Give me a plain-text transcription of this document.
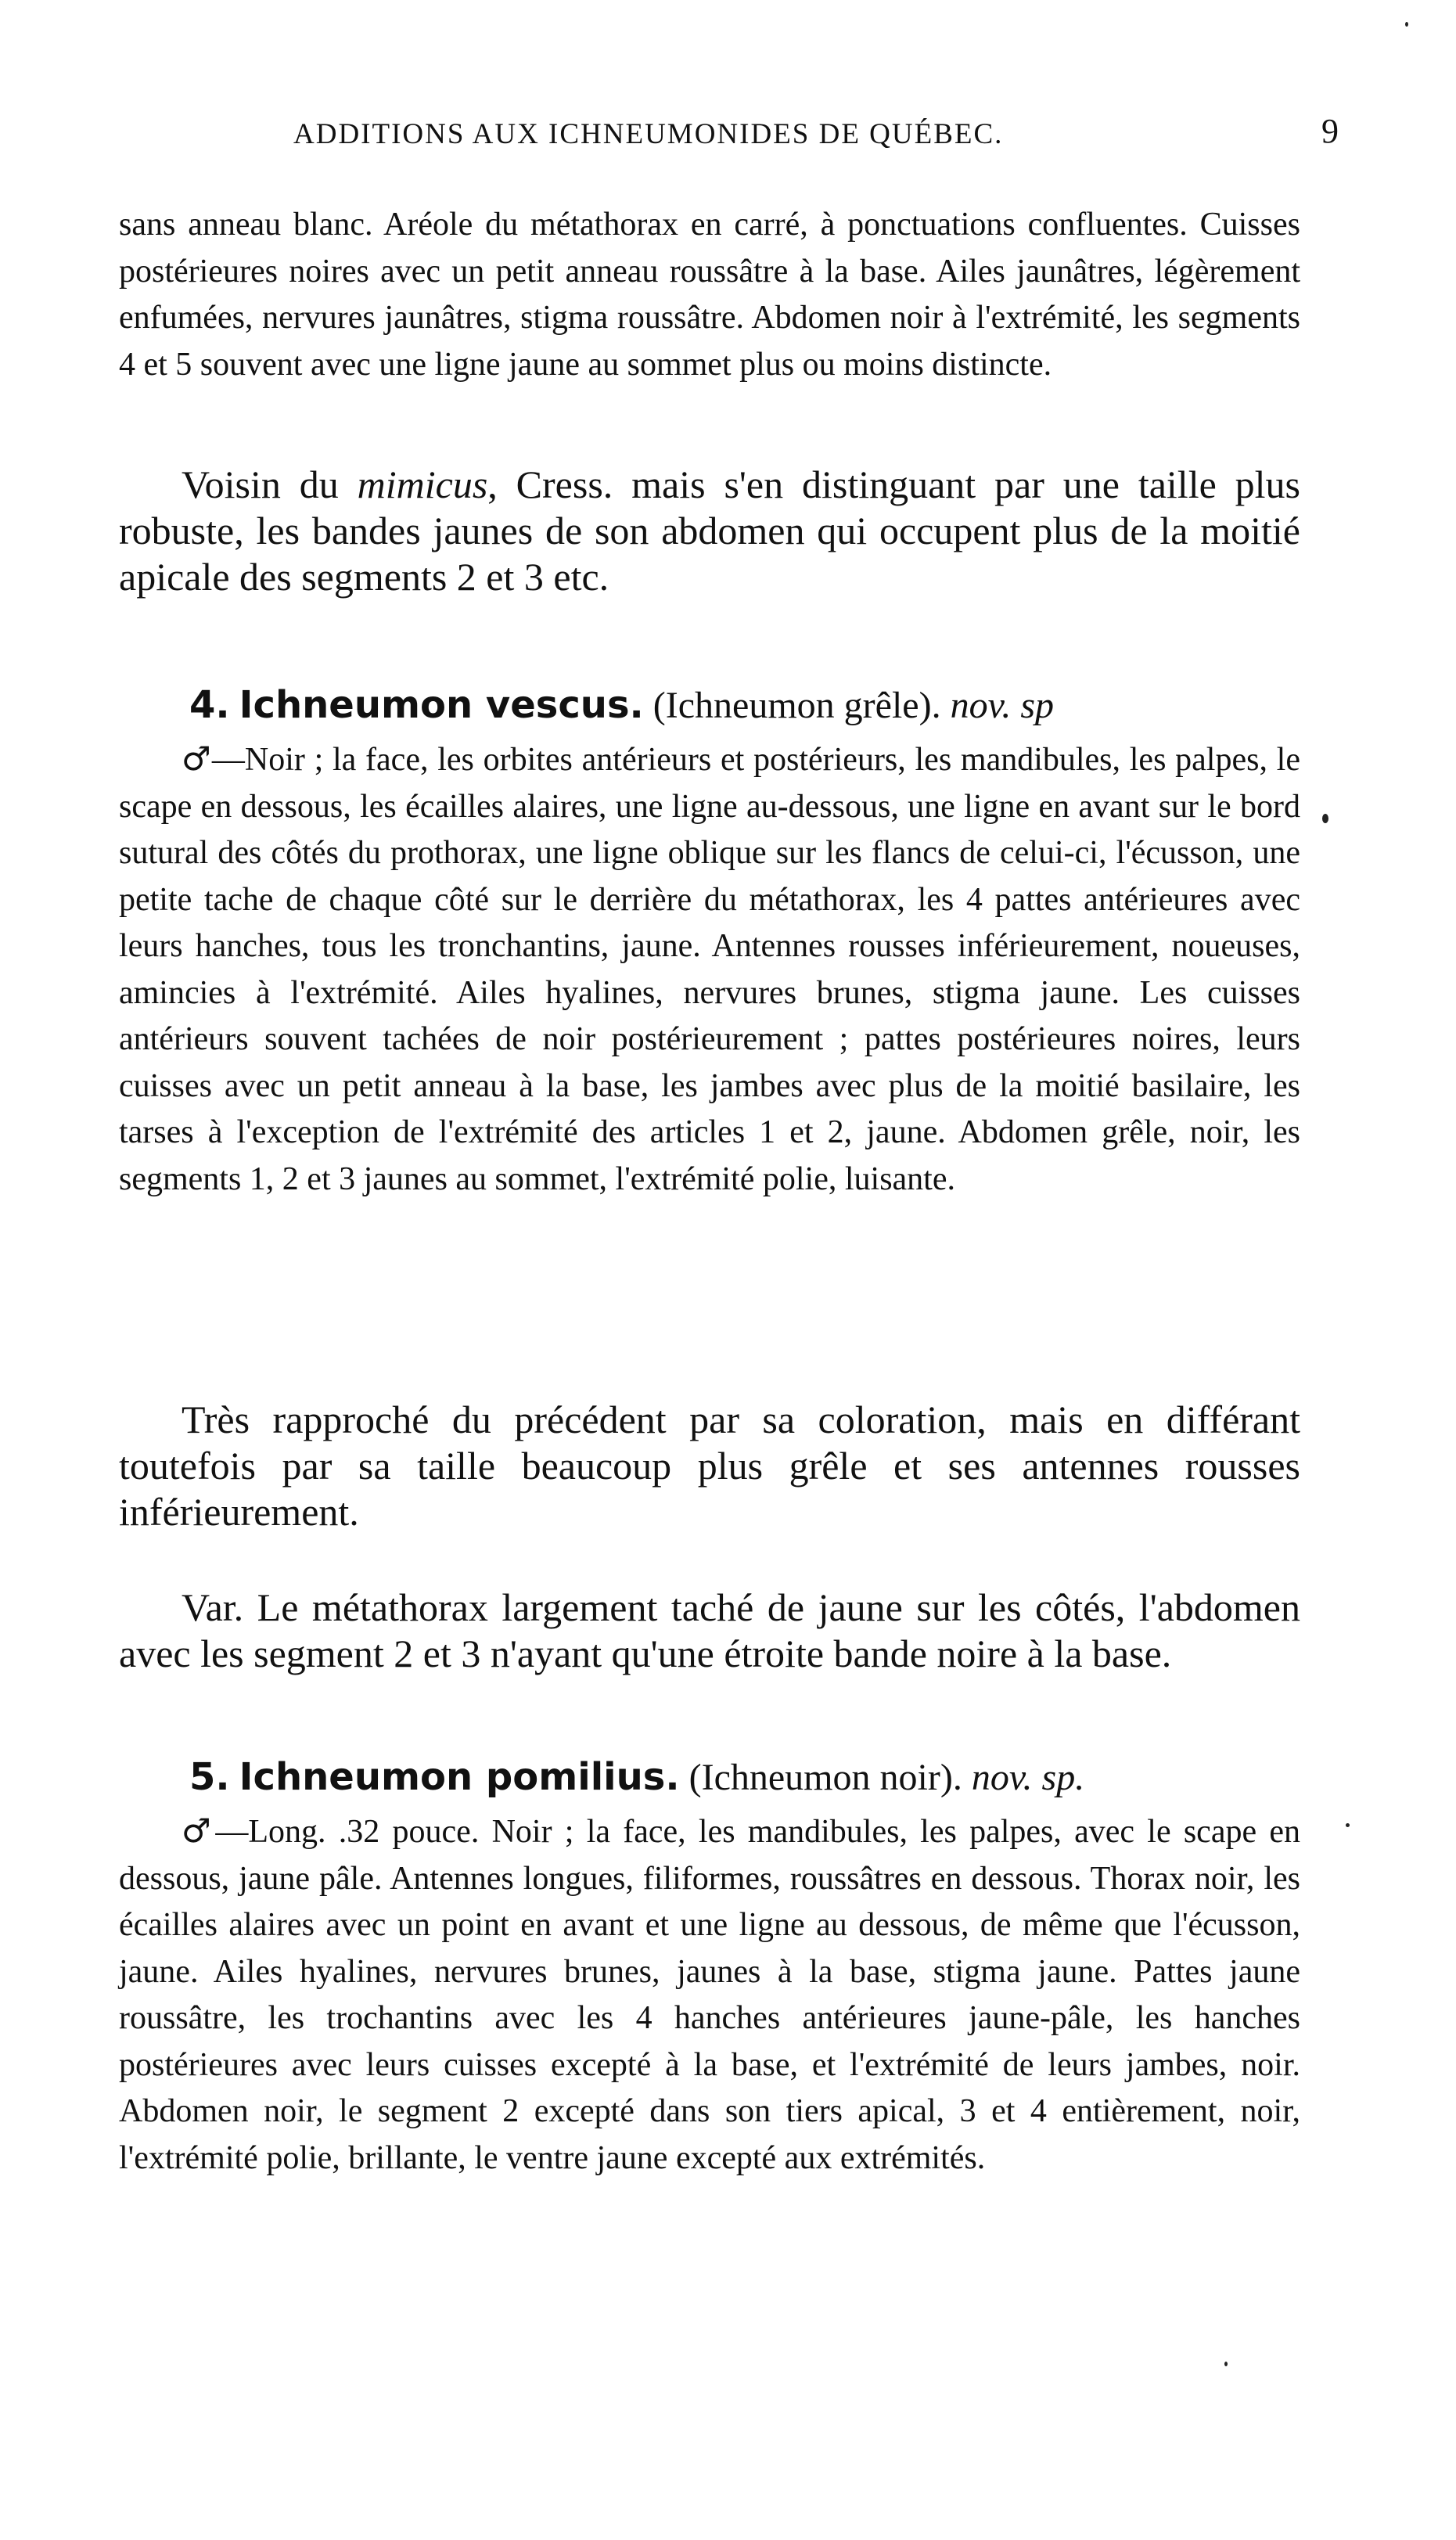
ADDITIONS AUX ICHNEUMONIDES DE QUÉBEC.	9

sans anneau blanc. Aréole du métathorax en carré, à ponctuations confluentes. Cuisses postérieures noires avec un petit anneau roussâtre à la base. Ailes jaunâtres, légèrement enfumées, nervures jaunâtres, stigma roussâtre. Abdomen noir à l'extrémité, les segments 4 et 5 souvent avec une ligne jaune au sommet plus ou moins distincte.

Voisin du mimicus, Cress. mais s'en distinguant par une taille plus robuste, les bandes jaunes de son abdomen qui occupent plus de la moitié apicale des segments 2 et 3 etc.

4. Ichneumon vescus. (Ichneumon grêle). nov. sp

♂—Noir ; la face, les orbites antérieurs et postérieurs, les mandibules, les palpes, le scape en dessous, les écailles alaires, une ligne au-dessous, une ligne en avant sur le bord sutural des côtés du prothorax, une ligne oblique sur les flancs de celui-ci, l'écusson, une petite tache de chaque côté sur le derrière du métathorax, les 4 pattes antérieures avec leurs hanches, tous les tronchantins, jaune. Antennes rousses inférieurement, noueuses, amincies à l'extrémité. Ailes hyalines, nervures brunes, stigma jaune. Les cuisses antérieurs souvent tachées de noir postérieurement ; pattes postérieures noires, leurs cuisses avec un petit anneau à la base, les jambes avec plus de la moitié basilaire, les tarses à l'exception de l'extrémité des articles 1 et 2, jaune. Abdomen grêle, noir, les segments 1, 2 et 3 jaunes au sommet, l'extrémité polie, luisante.

Très rapproché du précédent par sa coloration, mais en différant toutefois par sa taille beaucoup plus grêle et ses antennes rousses inférieurement.

Var. Le métathorax largement taché de jaune sur les côtés, l'abdomen avec les segment 2 et 3 n'ayant qu'une étroite bande noire à la base.

5. Ichneumon pomilius. (Ichneumon noir). nov. sp.

♂—Long. .32 pouce. Noir ; la face, les mandibules, les palpes, avec le scape en dessous, jaune pâle. Antennes longues, filiformes, roussâtres en dessous. Thorax noir, les écailles alaires avec un point en avant et une ligne au dessous, de même que l'écusson, jaune. Ailes hyalines, nervures brunes, jaunes à la base, stigma jaune. Pattes jaune roussâtre, les trochantins avec les 4 hanches antérieures jaune-pâle, les hanches postérieures avec leurs cuisses excepté à la base, et l'extrémité de leurs jambes, noir. Abdomen noir, le segment 2 excepté dans son tiers apical, 3 et 4 entièrement, noir, l'extrémité polie, brillante, le ventre jaune excepté aux extrémités.
